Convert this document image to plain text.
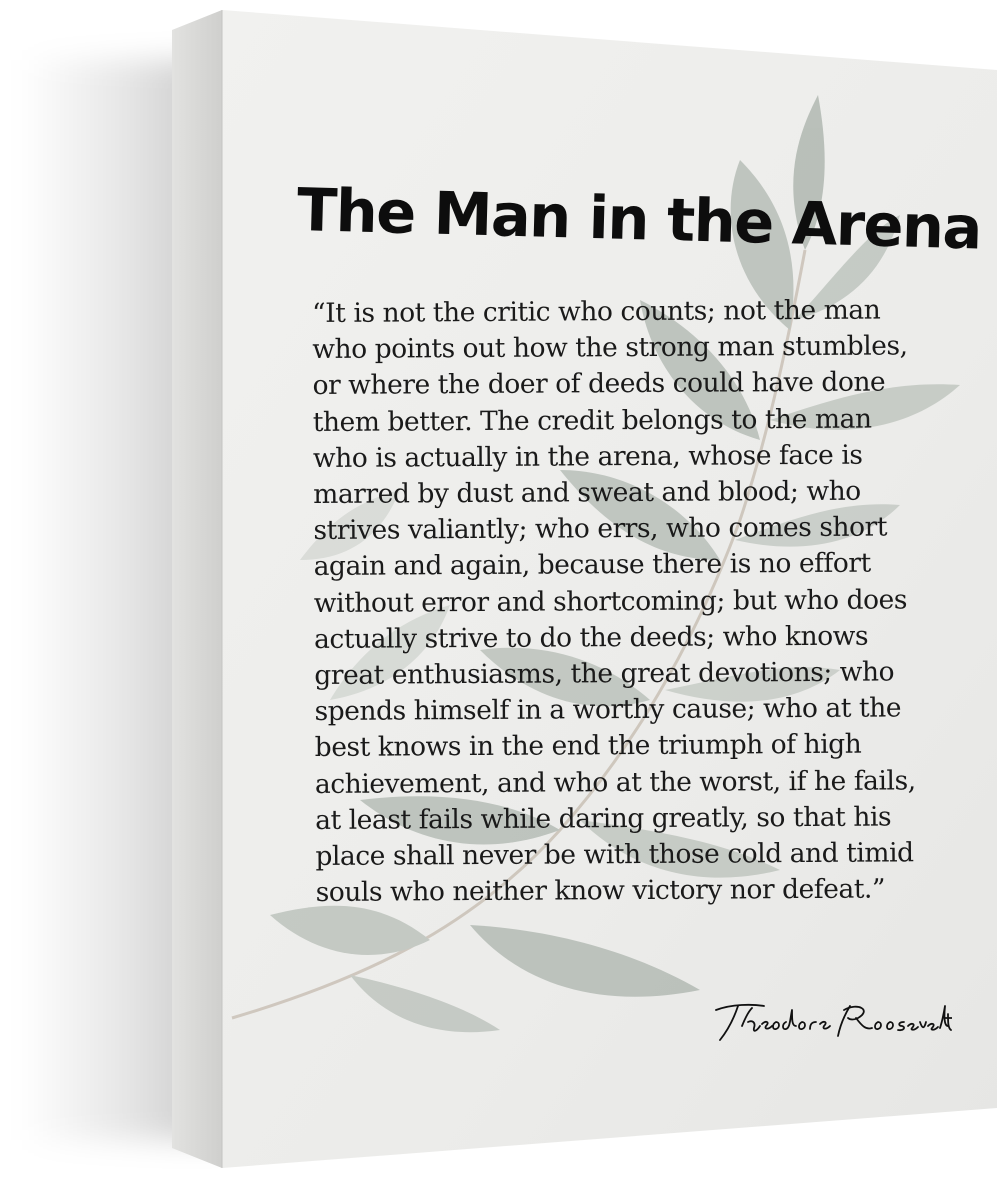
The Man in the Arena
“It is not the critic who counts; not the man
who points out how the strong man stumbles,
or where the doer of deeds could have done
them better. The credit belongs to the man
who is actually in the arena, whose face is
marred by dust and sweat and blood; who
strives valiantly; who errs, who comes short
again and again, because there is no effort
without error and shortcoming; but who does
actually strive to do the deeds; who knows
great enthusiasms, the great devotions; who
spends himself in a worthy cause; who at the
best knows in the end the triumph of high
achievement, and who at the worst, if he fails,
at least fails while daring greatly, so that his
place shall never be with those cold and timid
souls who neither know victory nor defeat.”
